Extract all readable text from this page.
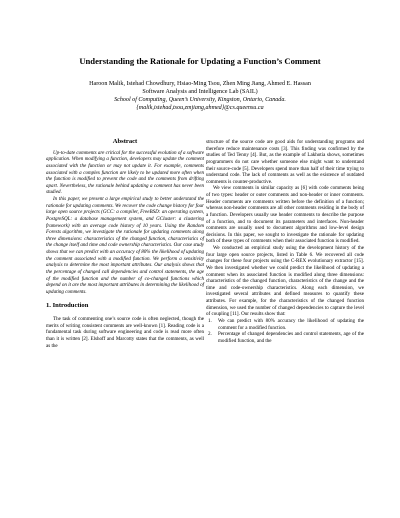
Understanding the Rationale for Updating a Function’s Comment
Haroon Malik, Istehad Chowdhury, Hsiao-Ming Tsou, Zhen Ming Jiang, Ahmed E. Hassan
Software Analysis and Intelligence Lab (SAIL)
School of Computing, Queen’s University, Kingston, Ontario, Canada.
{malik,istehad,tsou,zmjiang,ahmed}@cs.queensu.ca
Abstract

Up-to-date comments are critical for the successful evolution of a software application. When modifying a function, developers may update the comment associated with the function or may not update it. For example, comments associated with a complex function are likely to be updated more often when the function is modified to prevent the code and the comments from drifting apart. Nevertheless, the rationale behind updating a comment has never been studied.

In this paper, we present a large empirical study to better understand the rationale for updating comments. We recover the code change history for four large open source projects (GCC: a compiler, FreeBSD: an operating system, PostgreSQL: a database management system, and GCluster: a clustering framework) with an average code history of 10 years. Using the Random Forests algorithm, we investigate the rationale for updating comments along three dimensions: characteristics of the changed function, characteristics of the change itself and time and code ownership characteristics. Our case study shows that we can predict with an accuracy of 80% the likelihood of updating the comment associated with a modified function. We perform a sensitivity analysis to determine the most important attributes. Our analysis shows that the percentage of changed call dependencies and control statements, the age of the modified function and the number of co-changed functions which depend on it are the most important attributes in determining the likelihood of updating comments.

1. Introduction

The task of commenting one’s source code is often neglected, though the merits of writing consistent comments are well-known [1]. Reading code is a fundamental task during software engineering and code is read more often than it is written [2]. Elshoff and Marcotty states that the comments, as well as the

structure of the source code are good aids for understanding programs and therefore reduce maintenance costs [3]. This finding was confirmed by the studies of Ted Tenny [4]. But, as the example of Lakhotia shows, sometimes programmers do not care whether someone else might want to understand their source-code [5]. Developers spend more than half of their time trying to understand code. The lack of comments as well as the existence of outdated comments is counter-productive.

We view comments in similar capacity as [6] with code comments being of two types: header or outer comments and non-header or inner comments. Header comments are comments written before the definition of a function; whereas non-header comments are all other comments residing in the body of a function. Developers usually use header comments to describe the purpose of a function, and to document its parameters and interfaces. Non-header comments are usually used to document algorithms and low-level design decisions. In this paper, we sought to investigate the rationale for updating both of these types of comments when their associated function is modified.

We conducted an empirical study using the development history of the four large open source projects, listed in Table 6. We recovered all code changes for these four projects using the C-REX evolutionary extractor [15]. We then investigated whether we could predict the likelihood of updating a comment when its associated function is modified along three dimensions: characteristics of the changed function, characteristics of the change and the time and code-ownership characteristics. Along each dimension, we investigated several attributes and defined measures to quantify these attributes. For example, for the characteristics of the changed function dimension, we used the number of changed dependencies to capture the level of coupling [11]. Our results show that:

1. We can predict with 80% accuracy the likelihood of updating the comment for a modified function.
2. Percentage of changed dependencies and control statements, age of the modified function, and the
